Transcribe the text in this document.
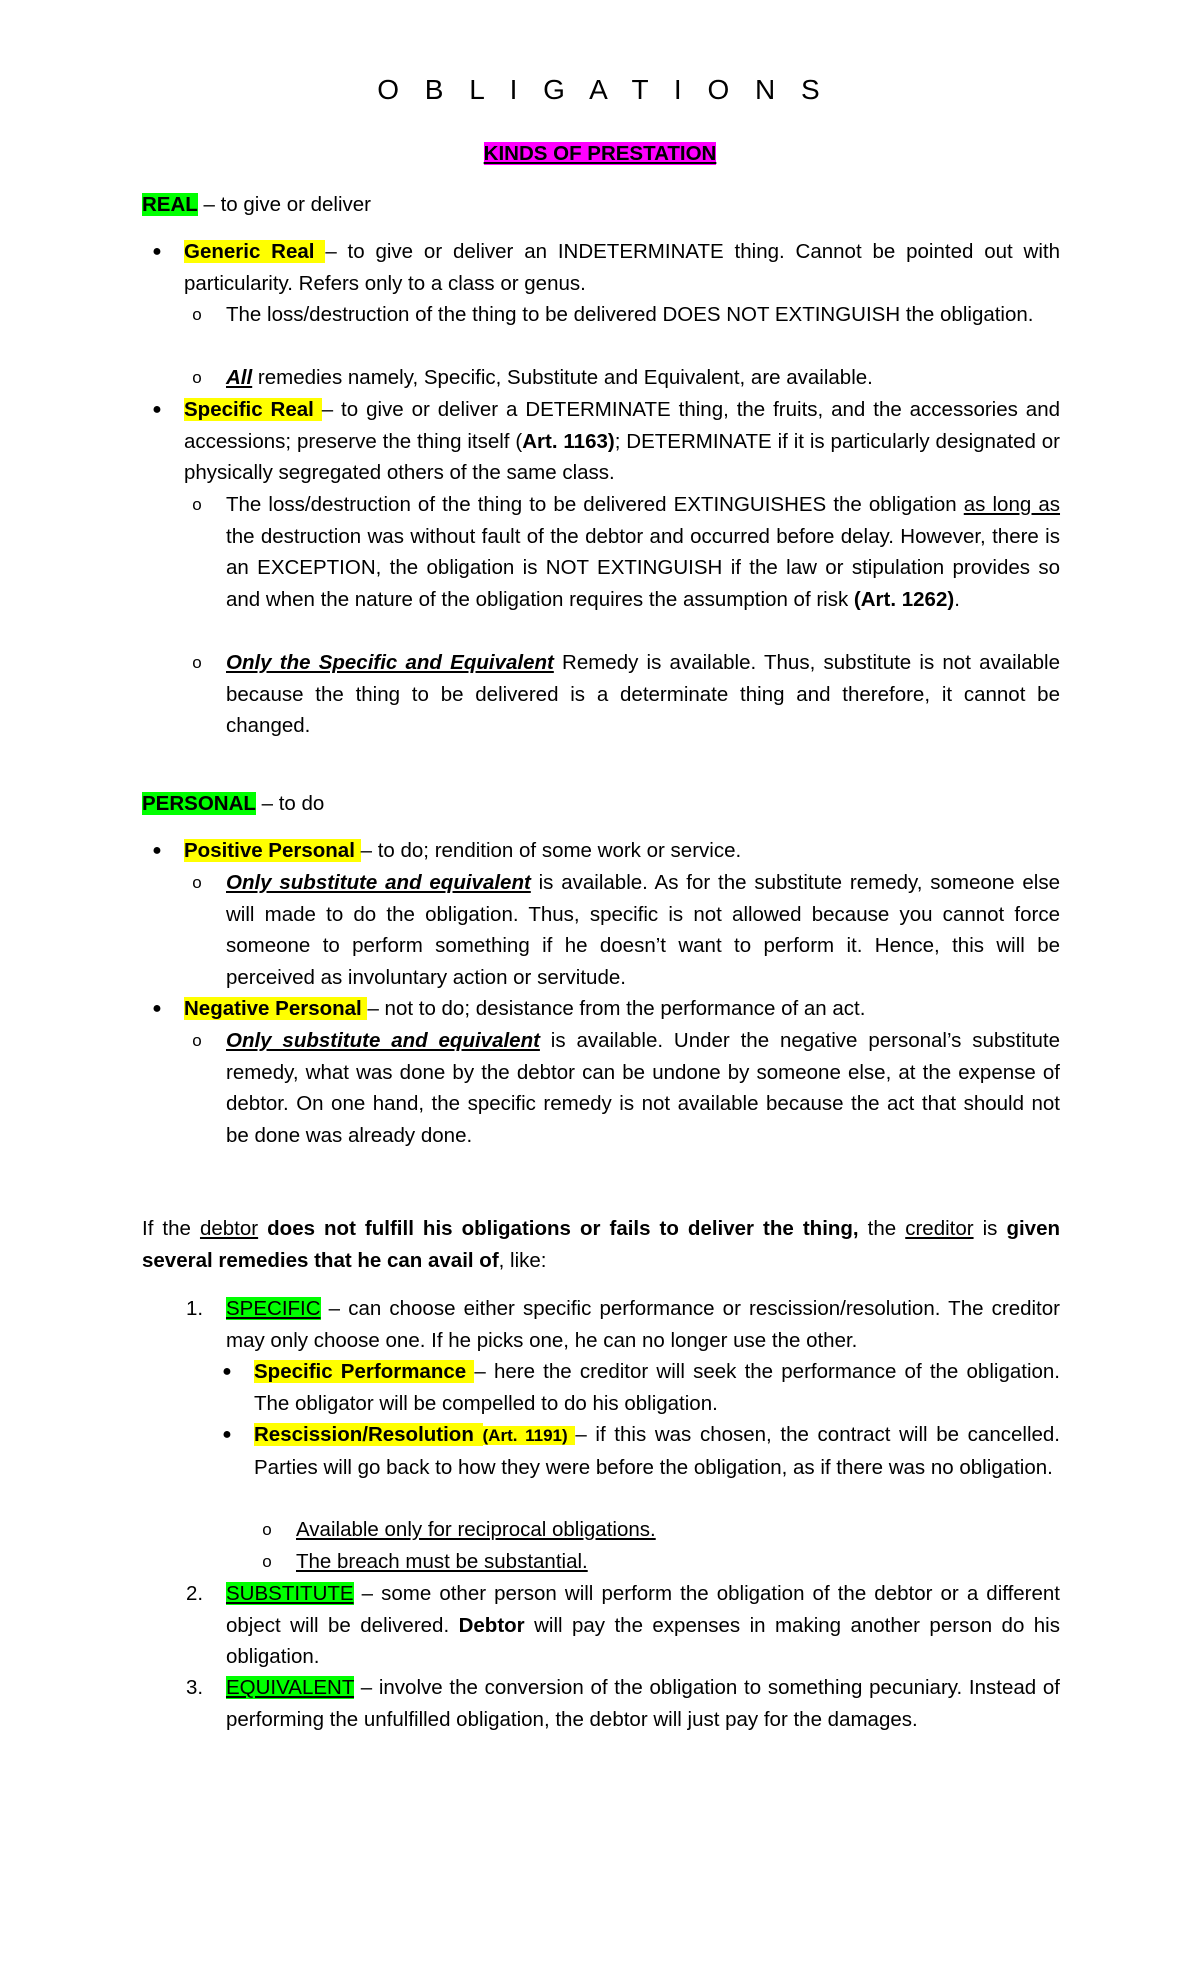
O B L I G A T I O N S
KINDS OF PRESTATION
REAL – to give or deliver
● Generic Real – to give or deliver an INDETERMINATE thing. Cannot be pointed out with particularity. Refers only to a class or genus.
o The loss/destruction of the thing to be delivered DOES NOT EXTINGUISH the obligation.
o All remedies namely, Specific, Substitute and Equivalent, are available.
● Specific Real – to give or deliver a DETERMINATE thing, the fruits, and the accessories and accessions; preserve the thing itself (Art. 1163); DETERMINATE if it is particularly designated or physically segregated others of the same class.
o The loss/destruction of the thing to be delivered EXTINGUISHES the obligation as long as the destruction was without fault of the debtor and occurred before delay. However, there is an EXCEPTION, the obligation is NOT EXTINGUISH if the law or stipulation provides so and when the nature of the obligation requires the assumption of risk (Art. 1262).
o Only the Specific and Equivalent Remedy is available. Thus, substitute is not available because the thing to be delivered is a determinate thing and therefore, it cannot be changed.
PERSONAL – to do
● Positive Personal – to do; rendition of some work or service.
o Only substitute and equivalent is available. As for the substitute remedy, someone else will made to do the obligation. Thus, specific is not allowed because you cannot force someone to perform something if he doesn’t want to perform it. Hence, this will be perceived as involuntary action or servitude.
● Negative Personal – not to do; desistance from the performance of an act.
o Only substitute and equivalent is available. Under the negative personal’s substitute remedy, what was done by the debtor can be undone by someone else, at the expense of debtor. On one hand, the specific remedy is not available because the act that should not be done was already done.
If the debtor does not fulfill his obligations or fails to deliver the thing, the creditor is given several remedies that he can avail of, like:
1. SPECIFIC – can choose either specific performance or rescission/resolution. The creditor may only choose one. If he picks one, he can no longer use the other.
● Specific Performance – here the creditor will seek the performance of the obligation. The obligator will be compelled to do his obligation.
● Rescission/Resolution (Art. 1191) – if this was chosen, the contract will be cancelled. Parties will go back to how they were before the obligation, as if there was no obligation.
o Available only for reciprocal obligations.
o The breach must be substantial.
2. SUBSTITUTE – some other person will perform the obligation of the debtor or a different object will be delivered. Debtor will pay the expenses in making another person do his obligation.
3. EQUIVALENT – involve the conversion of the obligation to something pecuniary. Instead of performing the unfulfilled obligation, the debtor will just pay for the damages.
